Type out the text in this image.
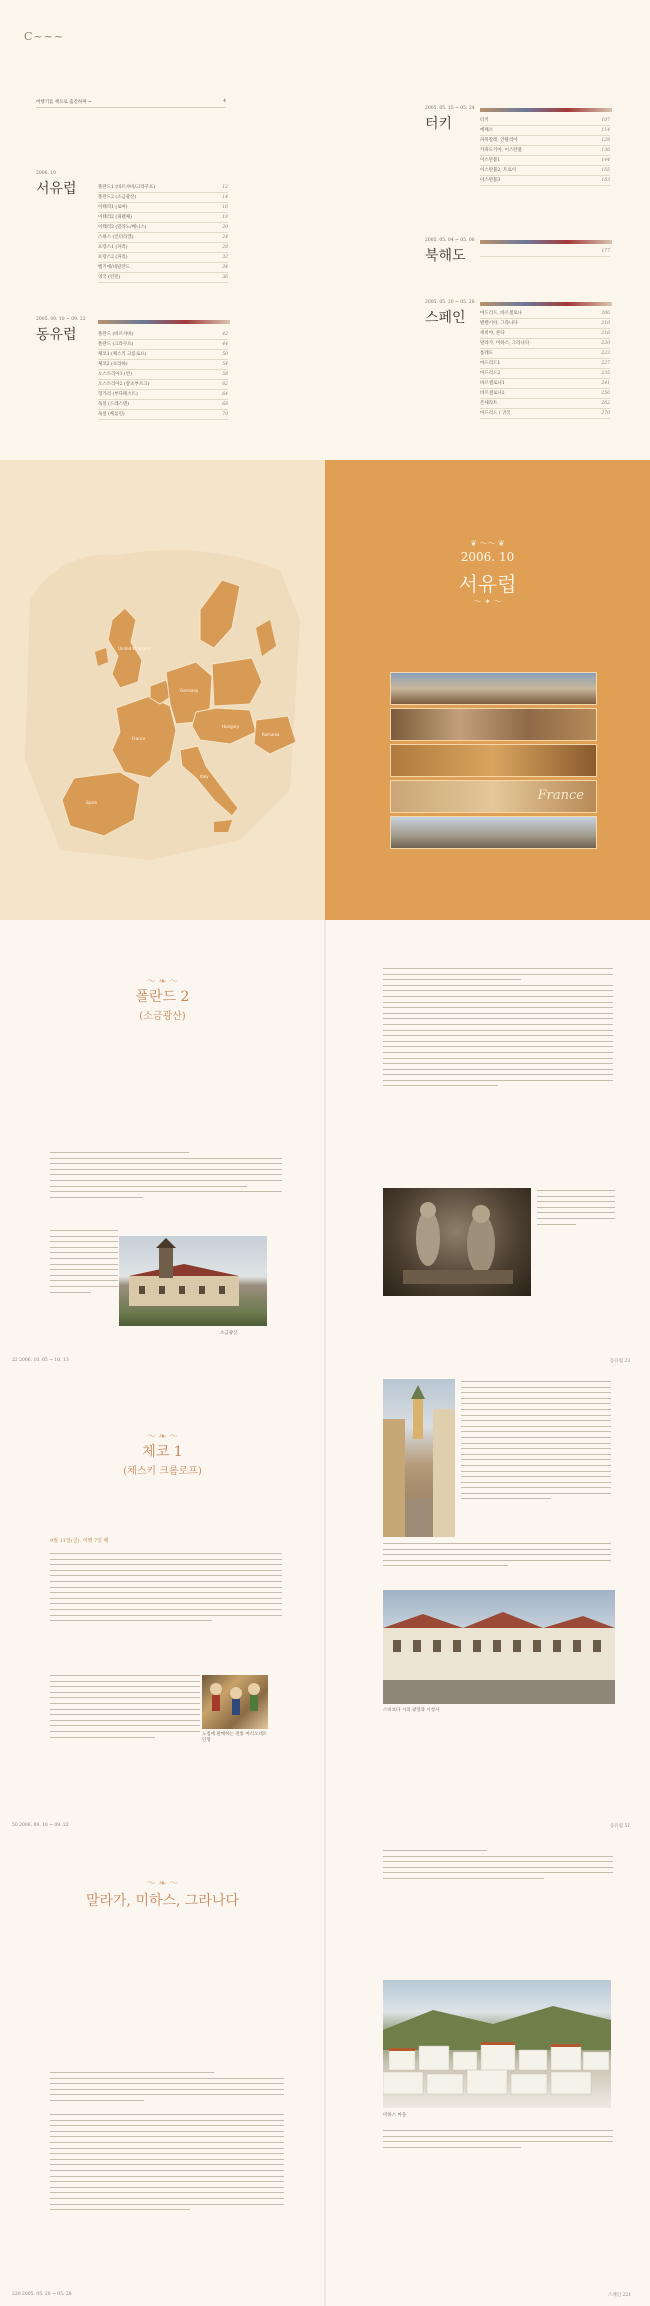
C~~~
여행기를 책으로 출간하며 ~	4
2006. 10
서유럽	폴란드1 (바르샤바/크라쿠프)	12
폴란드2 (소금광산)	14
이태리1 (로마)	16
이태리2 (피렌체)	18
이태리3 (밀라노/베니스)	20
스위스 (인터라켄)	24
프랑스1 (파리)	28
프랑스2 (파리)	32
벨기에/네덜란드	34
영국 (런던)	36
2005. 09. 10 ~ 09. 22
동유럽	폴란드 (바르샤바)	42
폴란드 (크라쿠프)	44
체코1 (체스키 크롬로프)	50
체코2 (프라하)	54
오스트리아1 (빈)	58
오스트리아2 (잘츠부르크)	62
헝가리 (부다페스트)	64
독일 (드레스덴)	68
독일 (베를린)	70
2005. 05. 15 ~ 05. 24
터키	터키	107
에페소	114
파묵칼레, 안탈리아	128
카파도키아, 이스탄불	136
이스탄불1	144
이스탄불2, 트로이	155
이스탄불3	163
2005. 05. 04 ~ 05. 06
북해도	177
2005. 05. 20 ~ 05. 28
스페인	마드리드, 바르셀로나	206
발렌시아, 그라나다	210
세비야, 론다	216
말라가, 미하스, 그라나다	220
톨레도	223
마드리드1	227
마드리드2	235
바르셀로나1	241
바르셀로나2	250
몬세라트	262
마드리드 / 귀국	270
United Kingdom
Germany
France
Italy
Spain
Romania
Hungary
❦ ～～ ❦
2006. 10
서유럽
～ ✦ ～
France
～ ❧ ～
폴란드 2
(소금광산)
소금광산
22 2006. 10. 05 ~ 10. 13	동유럽 23
～ ❧ ～
체코 1
(체스키 크롬로프)
9월 11일(금), 여행 7일 째
노점에 판매하는 전통 마리오네트 인형
50 2006. 09. 10 ~ 09. 22
스바보다 시의 광장과 시청사
동유럽 51
～ ❧ ～
말라가, 미하스, 그라나다
220 2005. 05. 20 ~ 05. 28
미하스 마을
스페인 221
